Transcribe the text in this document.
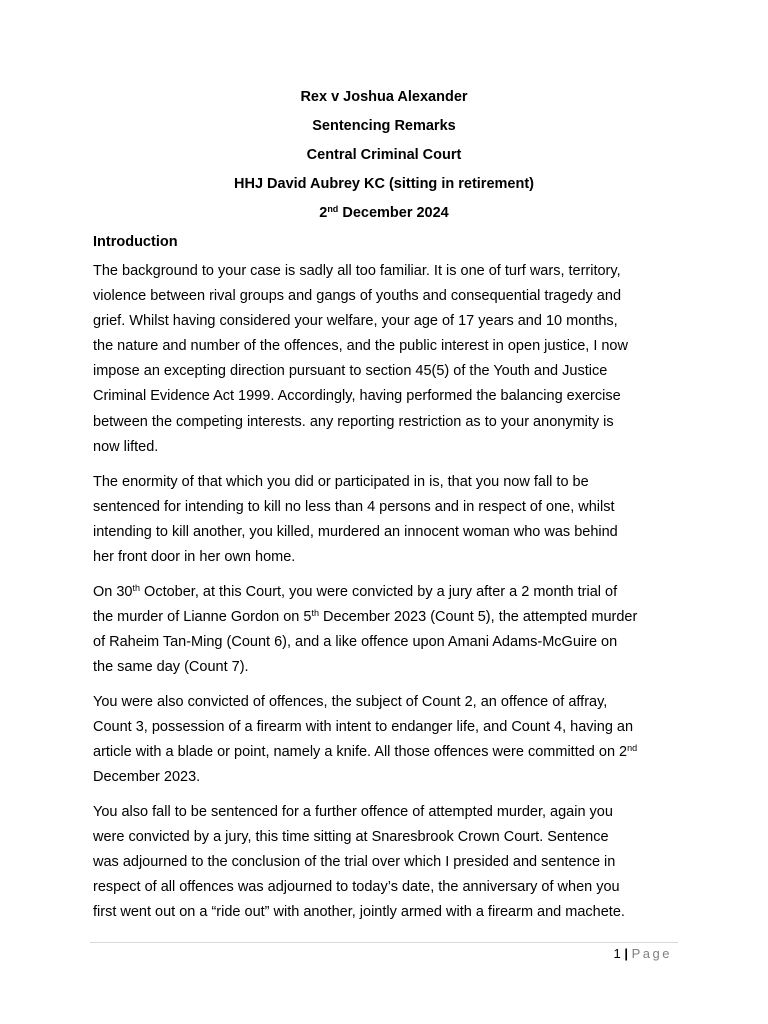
Rex v Joshua Alexander
Sentencing Remarks
Central Criminal Court
HHJ David Aubrey KC (sitting in retirement)
2nd December 2024
Introduction
The background to your case is sadly all too familiar. It is one of turf wars, territory,
violence between rival groups and gangs of youths and consequential tragedy and
grief. Whilst having considered your welfare, your age of 17 years and 10 months,
the nature and number of the offences, and the public interest in open justice, I now
impose an excepting direction pursuant to section 45(5) of the Youth and Justice
Criminal Evidence Act 1999. Accordingly, having performed the balancing exercise
between the competing interests. any reporting restriction as to your anonymity is
now lifted.
The enormity of that which you did or participated in is, that you now fall to be
sentenced for intending to kill no less than 4 persons and in respect of one, whilst
intending to kill another, you killed, murdered an innocent woman who was behind
her front door in her own home.
On 30th October, at this Court, you were convicted by a jury after a 2 month trial of
the murder of Lianne Gordon on 5th December 2023 (Count 5), the attempted murder
of Raheim Tan-Ming (Count 6), and a like offence upon Amani Adams-McGuire on
the same day (Count 7).
You were also convicted of offences, the subject of Count 2, an offence of affray,
Count 3, possession of a firearm with intent to endanger life, and Count 4, having an
article with a blade or point, namely a knife. All those offences were committed on 2nd
December 2023.
You also fall to be sentenced for a further offence of attempted murder, again you
were convicted by a jury, this time sitting at Snaresbrook Crown Court. Sentence
was adjourned to the conclusion of the trial over which I presided and sentence in
respect of all offences was adjourned to today’s date, the anniversary of when you
first went out on a “ride out” with another, jointly armed with a firearm and machete.
1 | Page
